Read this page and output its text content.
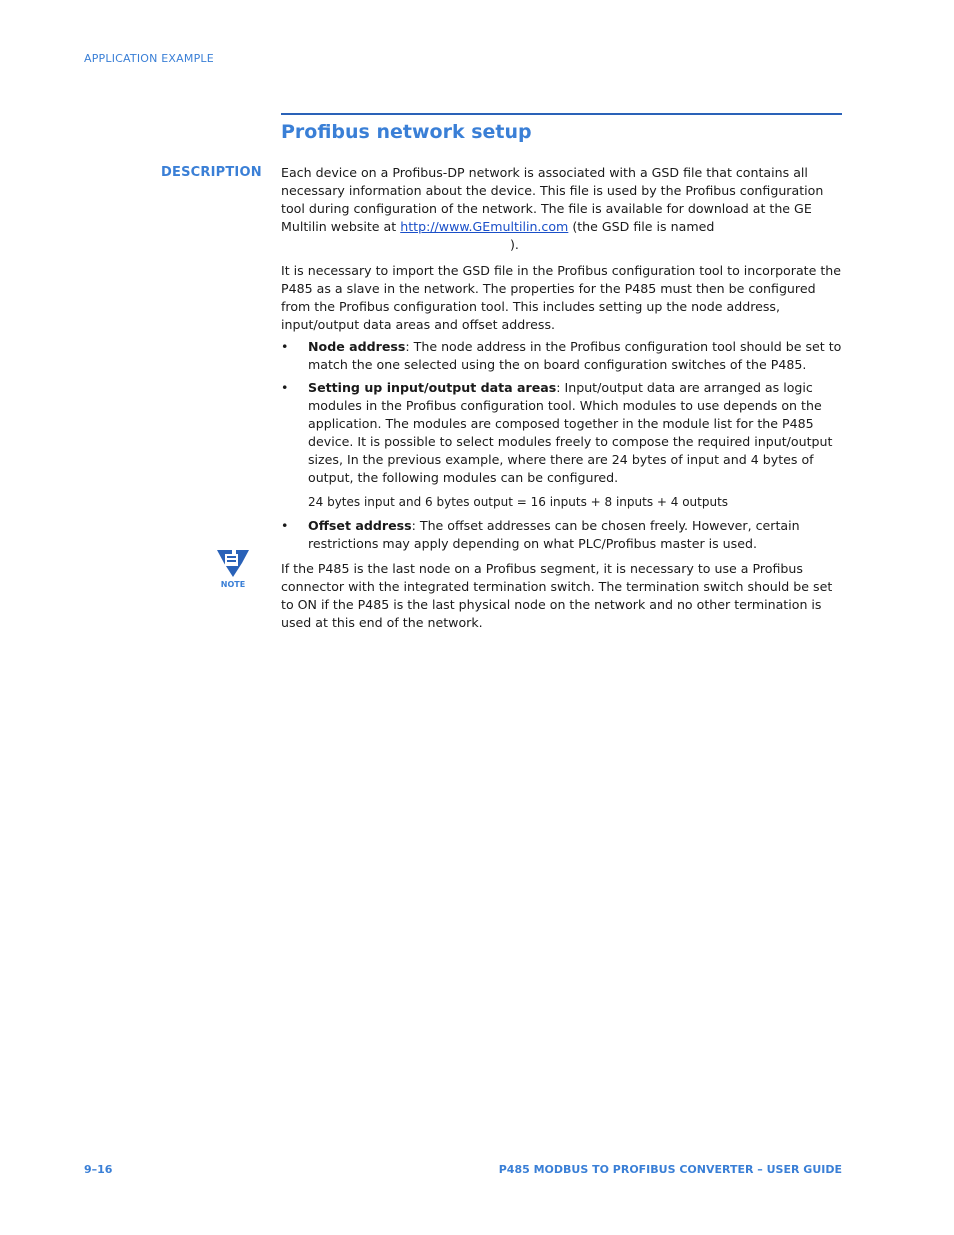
APPLICATION EXAMPLE
Profibus network setup
DESCRIPTION Each device on a Profibus-DP network is associated with a GSD file that contains all necessary information about the device. This file is used by the Profibus configuration tool during configuration of the network. The file is available for download at the GE Multilin website at http://www.GEmultilin.com (the GSD file is named).

It is necessary to import the GSD file in the Profibus configuration tool to incorporate the P485 as a slave in the network. The properties for the P485 must then be configured from the Profibus configuration tool. This includes setting up the node address, input/output data areas and offset address.

• Node address: The node address in the Profibus configuration tool should be set to match the one selected using the on board configuration switches of the P485.
• Setting up input/output data areas: Input/output data are arranged as logic modules in the Profibus configuration tool. Which modules to use depends on the application. The modules are composed together in the module list for the P485 device. It is possible to select modules freely to compose the required input/output sizes, In the previous example, where there are 24 bytes of input and 4 bytes of output, the following modules can be configured.

24 bytes input and 6 bytes output = 16 inputs + 8 inputs + 4 outputs

• Offset address: The offset addresses can be chosen freely. However, certain restrictions may apply depending on what PLC/Profibus master is used.

If the P485 is the last node on a Profibus segment, it is necessary to use a Profibus connector with the integrated termination switch. The termination switch should be set to ON if the P485 is the last physical node on the network and no other termination is used at this end of the network.

NOTE
9–16	P485 MODBUS TO PROFIBUS CONVERTER – USER GUIDE
